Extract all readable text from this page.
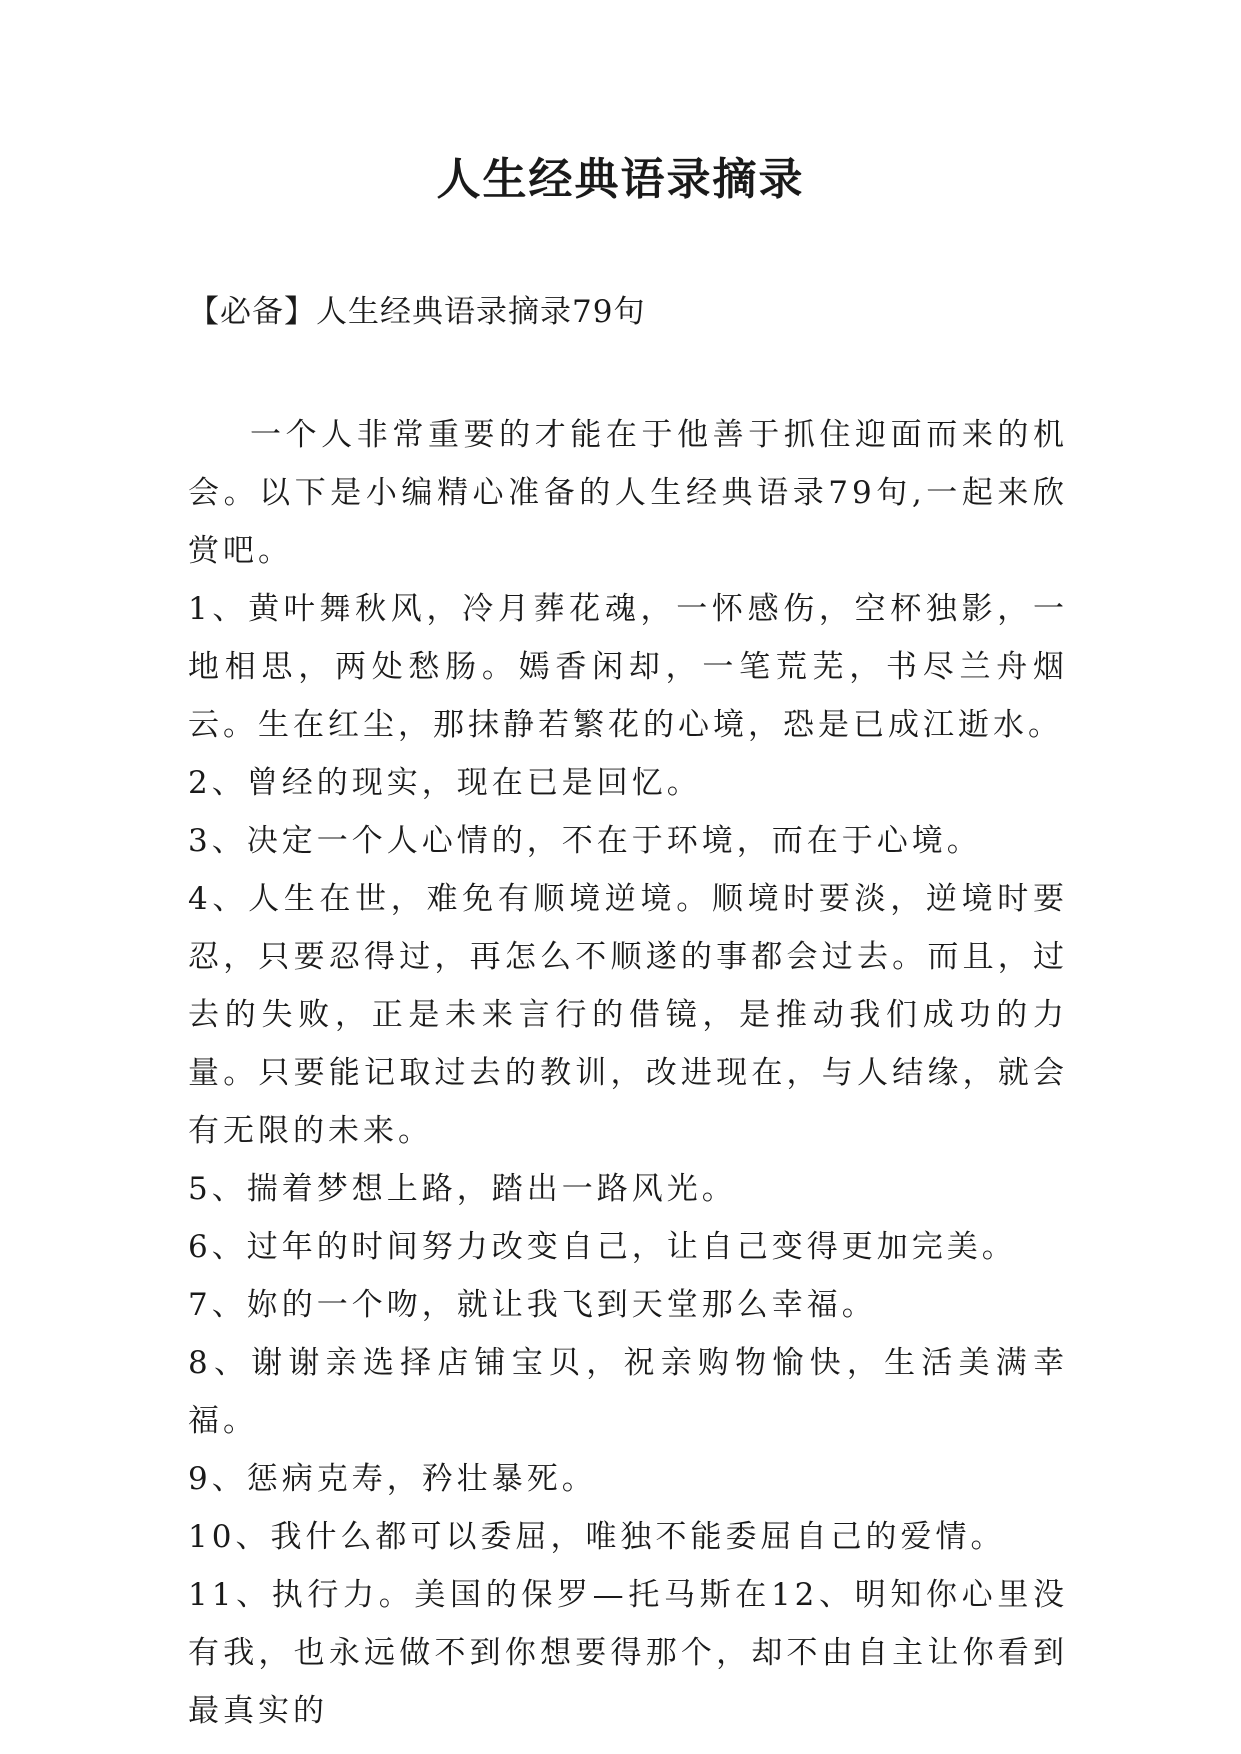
人生经典语录摘录
【必备】人生经典语录摘录79句

一个人非常重要的才能在于他善于抓住迎面而来的机会。以下是小编精心准备的人生经典语录79句,一起来欣赏吧。

1、黄叶舞秋风，冷月葬花魂，一怀感伤，空杯独影，一地相思，两处愁肠。嫣香闲却，一笔荒芜，书尽兰舟烟云。生在红尘，那抹静若繁花的心境，恐是已成江逝水。

2、曾经的现实，现在已是回忆。

3、决定一个人心情的，不在于环境，而在于心境。

4、人生在世，难免有顺境逆境。顺境时要淡，逆境时要忍，只要忍得过，再怎么不顺遂的事都会过去。而且，过去的失败，正是未来言行的借镜，是推动我们成功的力量。只要能记取过去的教训，改进现在，与人结缘，就会有无限的未来。

5、揣着梦想上路，踏出一路风光。

6、过年的时间努力改变自己，让自己变得更加完美。

7、妳的一个吻，就让我飞到天堂那么幸福。

8、谢谢亲选择店铺宝贝，祝亲购物愉快，生活美满幸福。

9、惩病克寿，矜壮暴死。

10、我什么都可以委屈，唯独不能委屈自己的爱情。

11、执行力。美国的保罗—托马斯在12、明知你心里没有我，也永远做不到你想要得那个，却不由自主让你看到最真实的
